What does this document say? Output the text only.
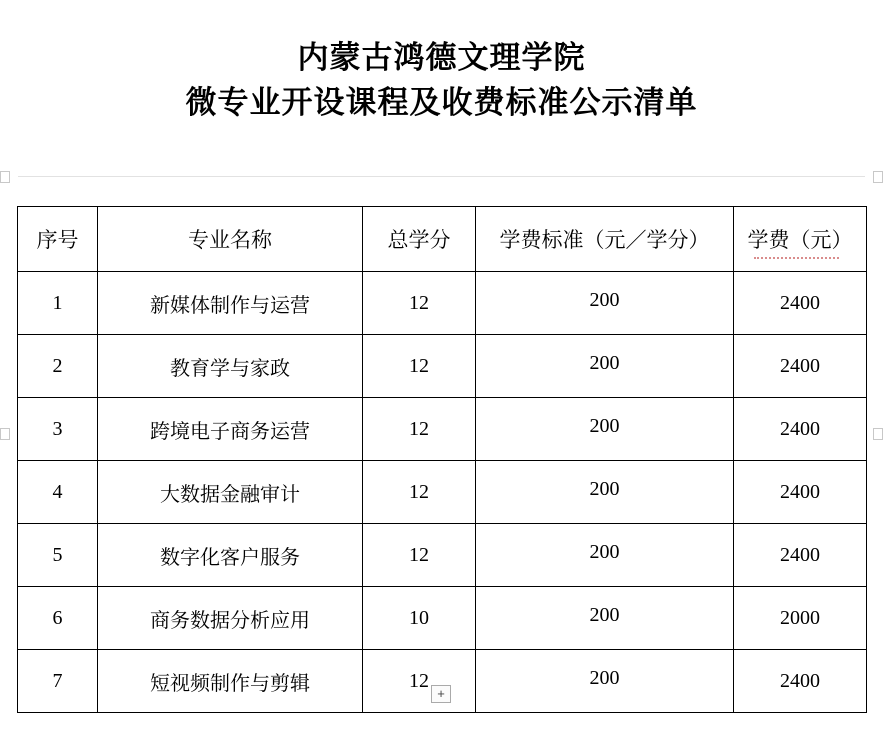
内蒙古鸿德文理学院
微专业开设课程及收费标准公示清单
序号	专业名称	总学分	学费标准（元／学分）	学费（元）

1	新媒体制作与运营	12	200	2400
2	教育学与家政	12	200	2400
3	跨境电子商务运营	12	200	2400
4	大数据金融审计	12	200	2400
5	数字化客户服务	12	200	2400
6	商务数据分析应用	10	200	2000
7	短视频制作与剪辑	12	200	2400
+
